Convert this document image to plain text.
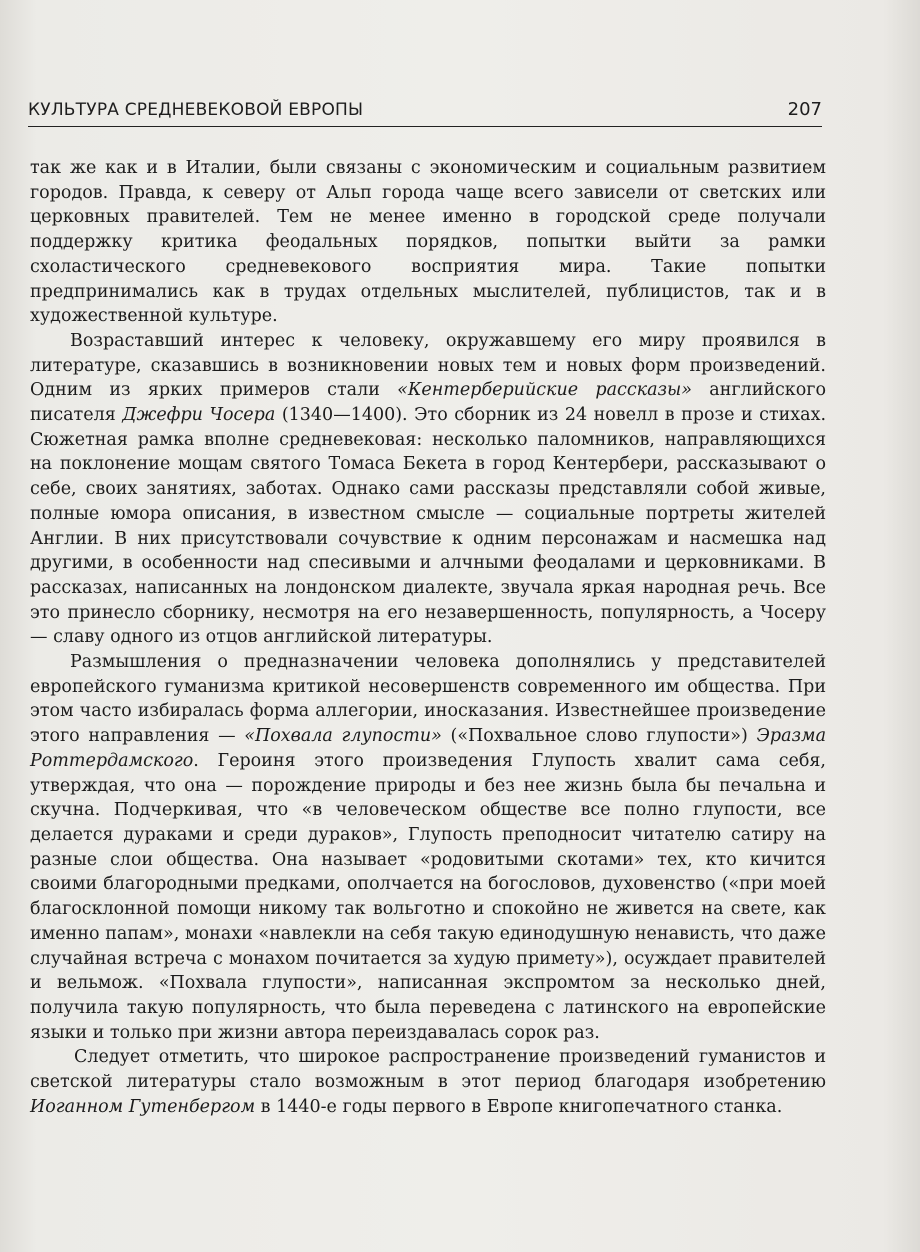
КУЛЬТУРА СРЕДНЕВЕКОВОЙ ЕВРОПЫ	207

так же как и в Италии, были связаны с экономическим и социальным развитием городов. Правда, к северу от Альп города чаще всего зависели от светских или церковных правителей. Тем не менее именно в городской среде получали поддержку критика феодальных порядков, попытки выйти за рамки схоластического средневекового восприятия мира. Такие попытки предпринимались как в трудах отдельных мыслителей, публицистов, так и в художественной культуре.

Возраставший интерес к человеку, окружавшему его миру проявился в литературе, сказавшись в возникновении новых тем и новых форм произведений. Одним из ярких примеров стали «Кентерберийские рассказы» английского писателя Джефри Чосера (1340—1400). Это сборник из 24 новелл в прозе и стихах. Сюжетная рамка вполне средневековая: несколько паломников, направляющихся на поклонение мощам святого Томаса Бекета в город Кентербери, рассказывают о себе, своих занятиях, заботах. Однако сами рассказы представляли собой живые, полные юмора описания, в известном смысле — социальные портреты жителей Англии. В них присутствовали сочувствие к одним персонажам и насмешка над другими, в особенности над спесивыми и алчными феодалами и церковниками. В рассказах, написанных на лондонском диалекте, звучала яркая народная речь. Все это принесло сборнику, несмотря на его незавершенность, популярность, а Чосеру — славу одного из отцов английской литературы.

Размышления о предназначении человека дополнялись у представителей европейского гуманизма критикой несовершенств современного им общества. При этом часто избиралась форма аллегории, иносказания. Известнейшее произведение этого направления — «Похвала глупости» («Похвальное слово глупости») Эразма Роттердамского. Героиня этого произведения Глупость хвалит сама себя, утверждая, что она — порождение природы и без нее жизнь была бы печальна и скучна. Подчеркивая, что «в человеческом обществе все полно глупости, все делается дураками и среди дураков», Глупость преподносит читателю сатиру на разные слои общества. Она называет «родовитыми скотами» тех, кто кичится своими благородными предками, ополчается на богословов, духовенство («при моей благосклонной помощи никому так вольготно и спокойно не живется на свете, как именно папам», монахи «навлекли на себя такую единодушную ненависть, что даже случайная встреча с монахом почитается за худую примету»), осуждает правителей и вельмож. «Похвала глупости», написанная экспромтом за несколько дней, получила такую популярность, что была переведена с латинского на европейские языки и только при жизни автора переиздавалась сорок раз.

Следует отметить, что широкое распространение произведений гуманистов и светской литературы стало возможным в этот период благодаря изобретению Иоганном Гутенбергом в 1440-е годы первого в Европе книгопечатного станка.
